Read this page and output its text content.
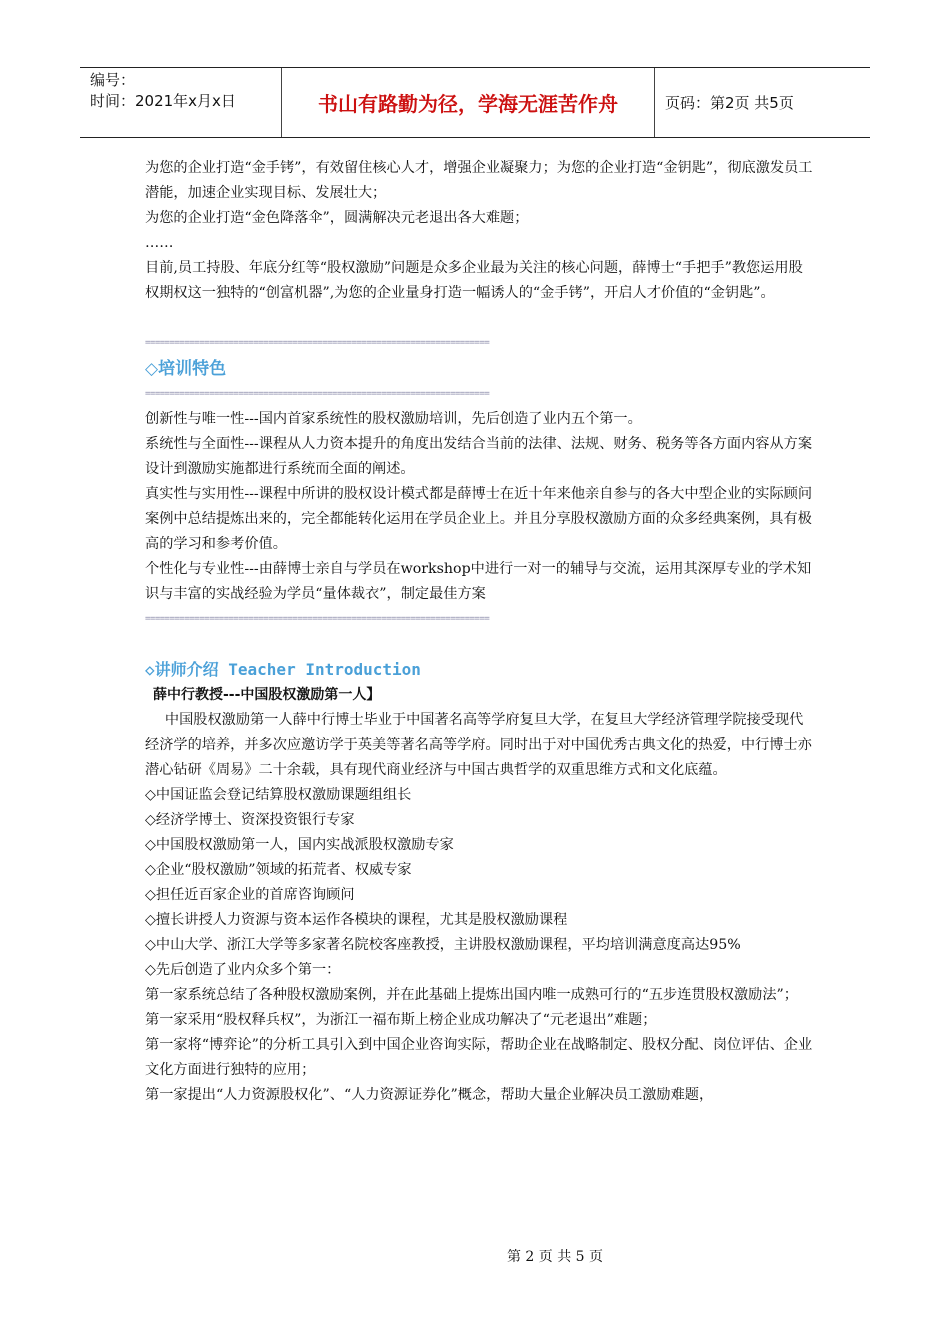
编号：
时间：2021年x月x日	书山有路勤为径，学海无涯苦作舟	页码：第2页 共5页

为您的企业打造“金手铐”，有效留住核心人才，增强企业凝聚力；为您的企业打造“金钥匙”，彻底激发员工潜能，加速企业实现目标、发展壮大；

为您的企业打造“金色降落伞”，圆满解决元老退出各大难题；

……

目前,员工持股、年底分红等“股权激励”问题是众多企业最为关注的核心问题，薛博士“手把手”教您运用股权期权这一独特的“创富机器”,为您的企业量身打造一幅诱人的“金手铐”，开启人才价值的“金钥匙”。

======================================================================
◇培训特色
======================================================================

创新性与唯一性---国内首家系统性的股权激励培训，先后创造了业内五个第一。

系统性与全面性---课程从人力资本提升的角度出发结合当前的法律、法规、财务、税务等各方面内容从方案设计到激励实施都进行系统而全面的阐述。

真实性与实用性---课程中所讲的股权设计模式都是薛博士在近十年来他亲自参与的各大中型企业的实际顾问案例中总结提炼出来的，完全都能转化运用在学员企业上。并且分享股权激励方面的众多经典案例，具有极高的学习和参考价值。

个性化与专业性---由薛博士亲自与学员在workshop中进行一对一的辅导与交流，运用其深厚专业的学术知识与丰富的实战经验为学员“量体裁衣”，制定最佳方案

======================================================================
◇讲师介绍 Teacher Introduction

薛中行教授---中国股权激励第一人】

中国股权激励第一人薛中行博士毕业于中国著名高等学府复旦大学，在复旦大学经济管理学院接受现代经济学的培养，并多次应邀访学于英美等著名高等学府。同时出于对中国优秀古典文化的热爱，中行博士亦潜心钻研《周易》二十余载，具有现代商业经济与中国古典哲学的双重思维方式和文化底蕴。

◇中国证监会登记结算股权激励课题组组长

◇经济学博士、资深投资银行专家

◇中国股权激励第一人，国内实战派股权激励专家

◇企业“股权激励”领域的拓荒者、权威专家

◇担任近百家企业的首席咨询顾问

◇擅长讲授人力资源与资本运作各模块的课程，尤其是股权激励课程

◇中山大学、浙江大学等多家著名院校客座教授，主讲股权激励课程，平均培训满意度高达95%

◇先后创造了业内众多个第一：

第一家系统总结了各种股权激励案例，并在此基础上提炼出国内唯一成熟可行的“五步连贯股权激励法”；

第一家采用“股权释兵权”，为浙江一福布斯上榜企业成功解决了“元老退出”难题；

第一家将“博弈论”的分析工具引入到中国企业咨询实际，帮助企业在战略制定、股权分配、岗位评估、企业文化方面进行独特的应用；

第一家提出“人力资源股权化”、“人力资源证券化”概念，帮助大量企业解决员工激励难题，

第 2 页 共 5 页
